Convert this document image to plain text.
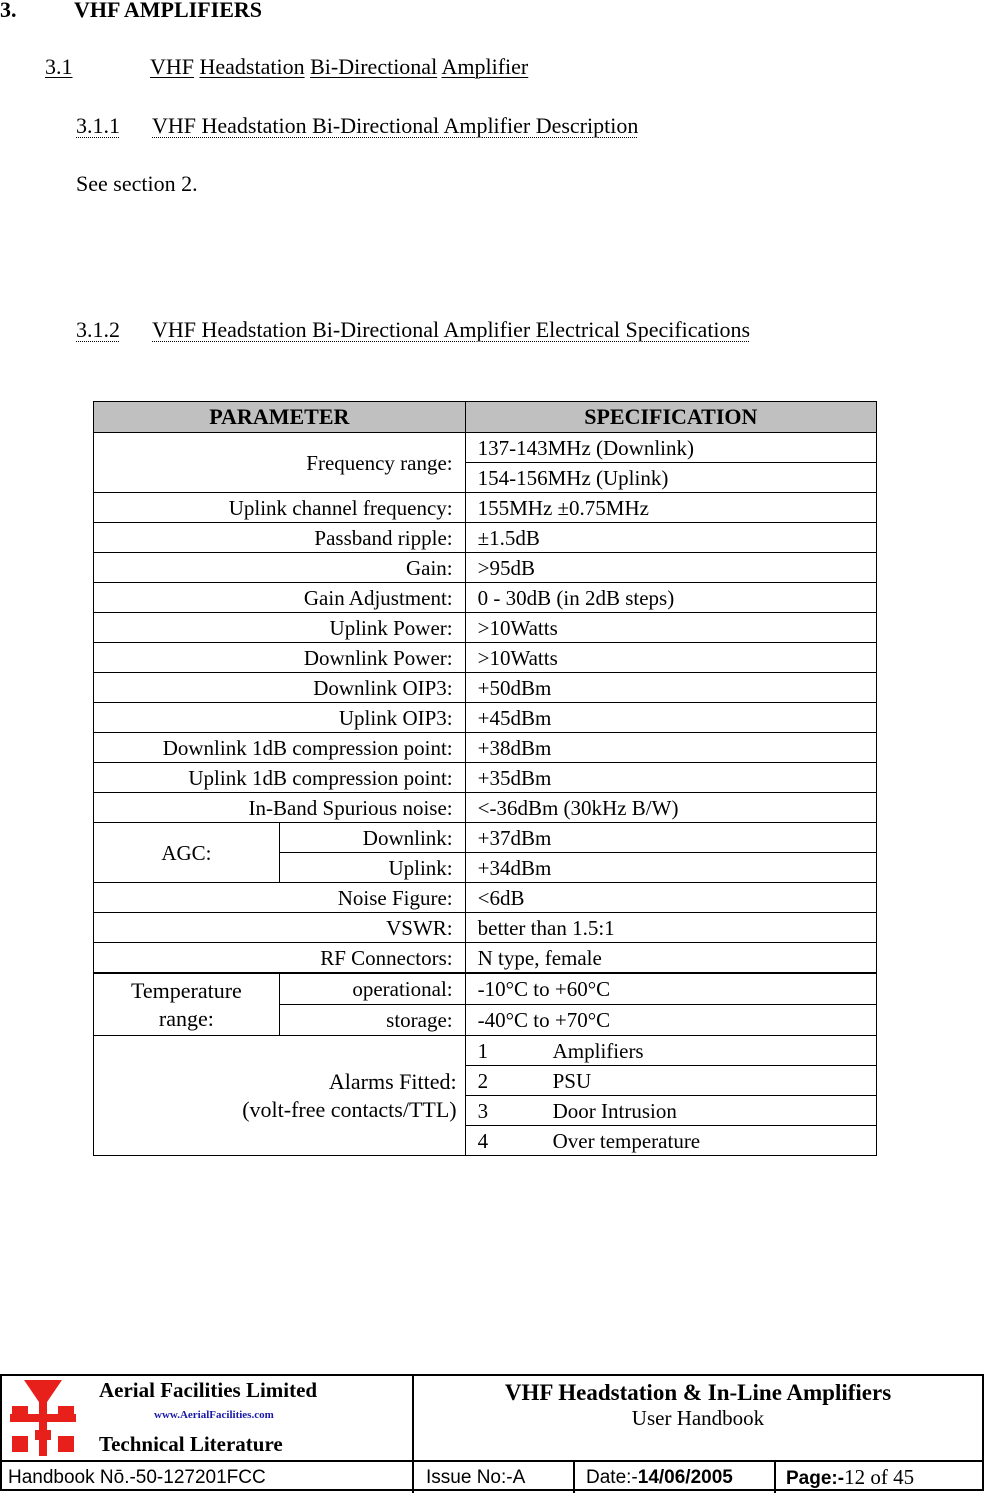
3.	VHF AMPLIFIERS
3.1	VHF Headstation Bi-Directional Amplifier
3.1.1 VHF Headstation Bi-Directional Amplifier Description
See section 2.
3.1.2 VHF Headstation Bi-Directional Amplifier Electrical Specifications
PARAMETER		SPECIFICATION
Frequency range:		137-143MHz (Downlink)
		154-156MHz (Uplink)
Uplink channel frequency:		155MHz ±0.75MHz
Passband ripple:		±1.5dB
Gain:		>95dB
Gain Adjustment:		0 - 30dB (in 2dB steps)
Uplink Power:		>10Watts
Downlink Power:		>10Watts
Downlink OIP3:		+50dBm
Uplink OIP3:		+45dBm
Downlink 1dB compression point:		+38dBm
Uplink 1dB compression point:		+35dBm
In-Band Spurious noise:		<-36dBm (30kHz B/W)
AGC:	Downlink:	+37dBm
	Uplink:	+34dBm
Noise Figure:		<6dB
VSWR:		better than 1.5:1
RF Connectors:		N type, female
Temperature range:	operational:	-10°C to +60°C
	storage:	-40°C to +70°C

Alarms Fitted:
(volt-free contacts/TTL)		1 Amplifiers
		2 PSU
		3 Door Intrusion
		4 Over temperature
Aerial Facilities Limited
www.AerialFacilities.com
Technical Literature
VHF Headstation & In-Line Amplifiers
User Handbook
Handbook Nō.-50-127201FCC	Issue No:-A	Date:-14/06/2005	Page:-12 of 45
